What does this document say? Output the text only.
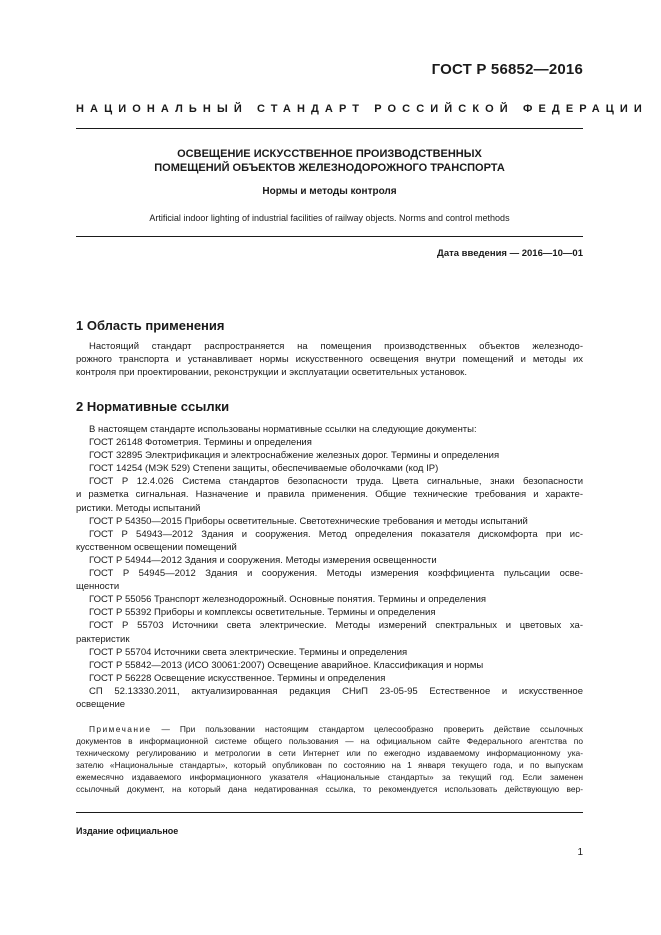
ГОСТ Р 56852—2016
НАЦИОНАЛЬНЫЙ СТАНДАРТ РОССИЙСКОЙ ФЕДЕРАЦИИ
ОСВЕЩЕНИЕ ИСКУССТВЕННОЕ ПРОИЗВОДСТВЕННЫХ
ПОМЕЩЕНИЙ ОБЪЕКТОВ ЖЕЛЕЗНОДОРОЖНОГО ТРАНСПОРТА
Нормы и методы контроля
Artificial indoor lighting of industrial facilities of railway objects. Norms and control methods
Дата введения — 2016—10—01
1 Область применения
Настоящий стандарт распространяется на помещения производственных объектов железнодо-
рожного транспорта и устанавливает нормы искусственного освещения внутри помещений и методы их
контроля при проектировании, реконструкции и эксплуатации осветительных установок.
2 Нормативные ссылки
В настоящем стандарте использованы нормативные ссылки на следующие документы:
ГОСТ 26148 Фотометрия. Термины и определения
ГОСТ 32895 Электрификация и электроснабжение железных дорог. Термины и определения
ГОСТ 14254 (МЭК 529) Степени защиты, обеспечиваемые оболочками (код IP)
ГОСТ Р 12.4.026 Система стандартов безопасности труда. Цвета сигнальные, знаки безопасности
и разметка сигнальная. Назначение и правила применения. Общие технические требования и характе-
ристики. Методы испытаний
ГОСТ Р 54350—2015 Приборы осветительные. Светотехнические требования и методы испытаний
ГОСТ Р 54943—2012 Здания и сооружения. Метод определения показателя дискомфорта при ис-
кусственном освещении помещений
ГОСТ Р 54944—2012 Здания и сооружения. Методы измерения освещенности
ГОСТ Р 54945—2012 Здания и сооружения. Методы измерения коэффициента пульсации осве-
щенности
ГОСТ Р 55056 Транспорт железнодорожный. Основные понятия. Термины и определения
ГОСТ Р 55392 Приборы и комплексы осветительные. Термины и определения
ГОСТ Р 55703 Источники света электрические. Методы измерений спектральных и цветовых ха-
рактеристик
ГОСТ Р 55704 Источники света электрические. Термины и определения
ГОСТ Р 55842—2013 (ИСО 30061:2007) Освещение аварийное. Классификация и нормы
ГОСТ Р 56228 Освещение искусственное. Термины и определения
СП 52.13330.2011, актуализированная редакция СНиП 23-05-95 Естественное и искусственное
освещение
Примечание — При пользовании настоящим стандартом целесообразно проверить действие ссылочных
документов в информационной системе общего пользования — на официальном сайте Федерального агентства по
техническому регулированию и метрологии в сети Интернет или по ежегодно издаваемому информационному ука-
зателю «Национальные стандарты», который опубликован по состоянию на 1 января текущего года, и по выпускам
ежемесячно издаваемого информационного указателя «Национальные стандарты» за текущий год. Если заменен
ссылочный документ, на который дана недатированная ссылка, то рекомендуется использовать действующую вер-
Издание официальное
1
